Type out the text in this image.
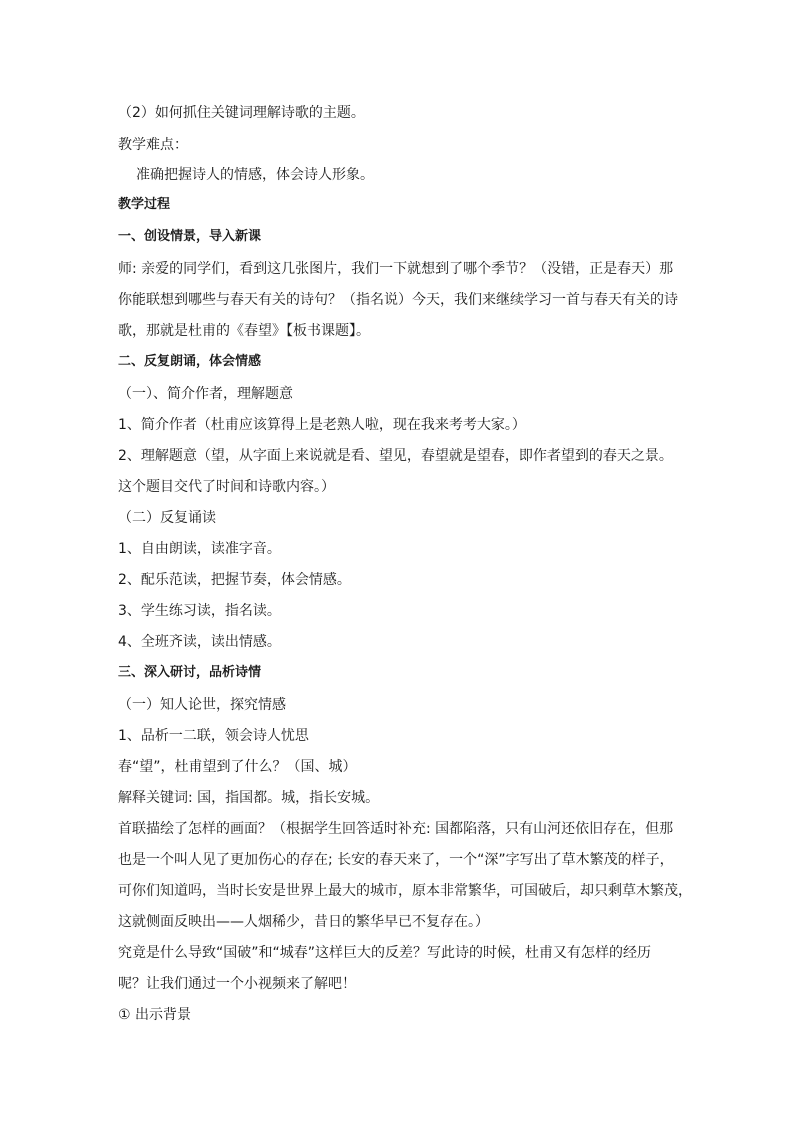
（2）如何抓住关键词理解诗歌的主题。
教学难点：
准确把握诗人的情感，体会诗人形象。
教学过程
一、创设情景，导入新课
师: 亲爱的同学们，看到这几张图片，我们一下就想到了哪个季节？（没错，正是春天）那
你能联想到哪些与春天有关的诗句？（指名说）今天，我们来继续学习一首与春天有关的诗
歌，那就是杜甫的《春望》【板书课题】。
二、反复朗诵，体会情感
（一）、简介作者，理解题意
1、简介作者（杜甫应该算得上是老熟人啦，现在我来考考大家。）
2、理解题意（望，从字面上来说就是看、望见，春望就是望春，即作者望到的春天之景。
这个题目交代了时间和诗歌内容。）
（二）反复诵读
1、自由朗读，读准字音。
2、配乐范读，把握节奏，体会情感。
3、学生练习读，指名读。
4、全班齐读，读出情感。
三、深入研讨，品析诗情
（一）知人论世，探究情感
1、品析一二联，领会诗人忧思
春“望”，杜甫望到了什么？（国、城）
解释关键词: 国，指国都。城，指长安城。
首联描绘了怎样的画面？（根据学生回答适时补充: 国都陷落，只有山河还依旧存在，但那
也是一个叫人见了更加伤心的存在; 长安的春天来了，一个“深”字写出了草木繁茂的样子，
可你们知道吗，当时长安是世界上最大的城市，原本非常繁华，可国破后，却只剩草木繁茂，
这就侧面反映出——人烟稀少，昔日的繁华早已不复存在。）
究竟是什么导致“国破”和“城春”这样巨大的反差？写此诗的时候，杜甫又有怎样的经历
呢？让我们通过一个小视频来了解吧！
① 出示背景
